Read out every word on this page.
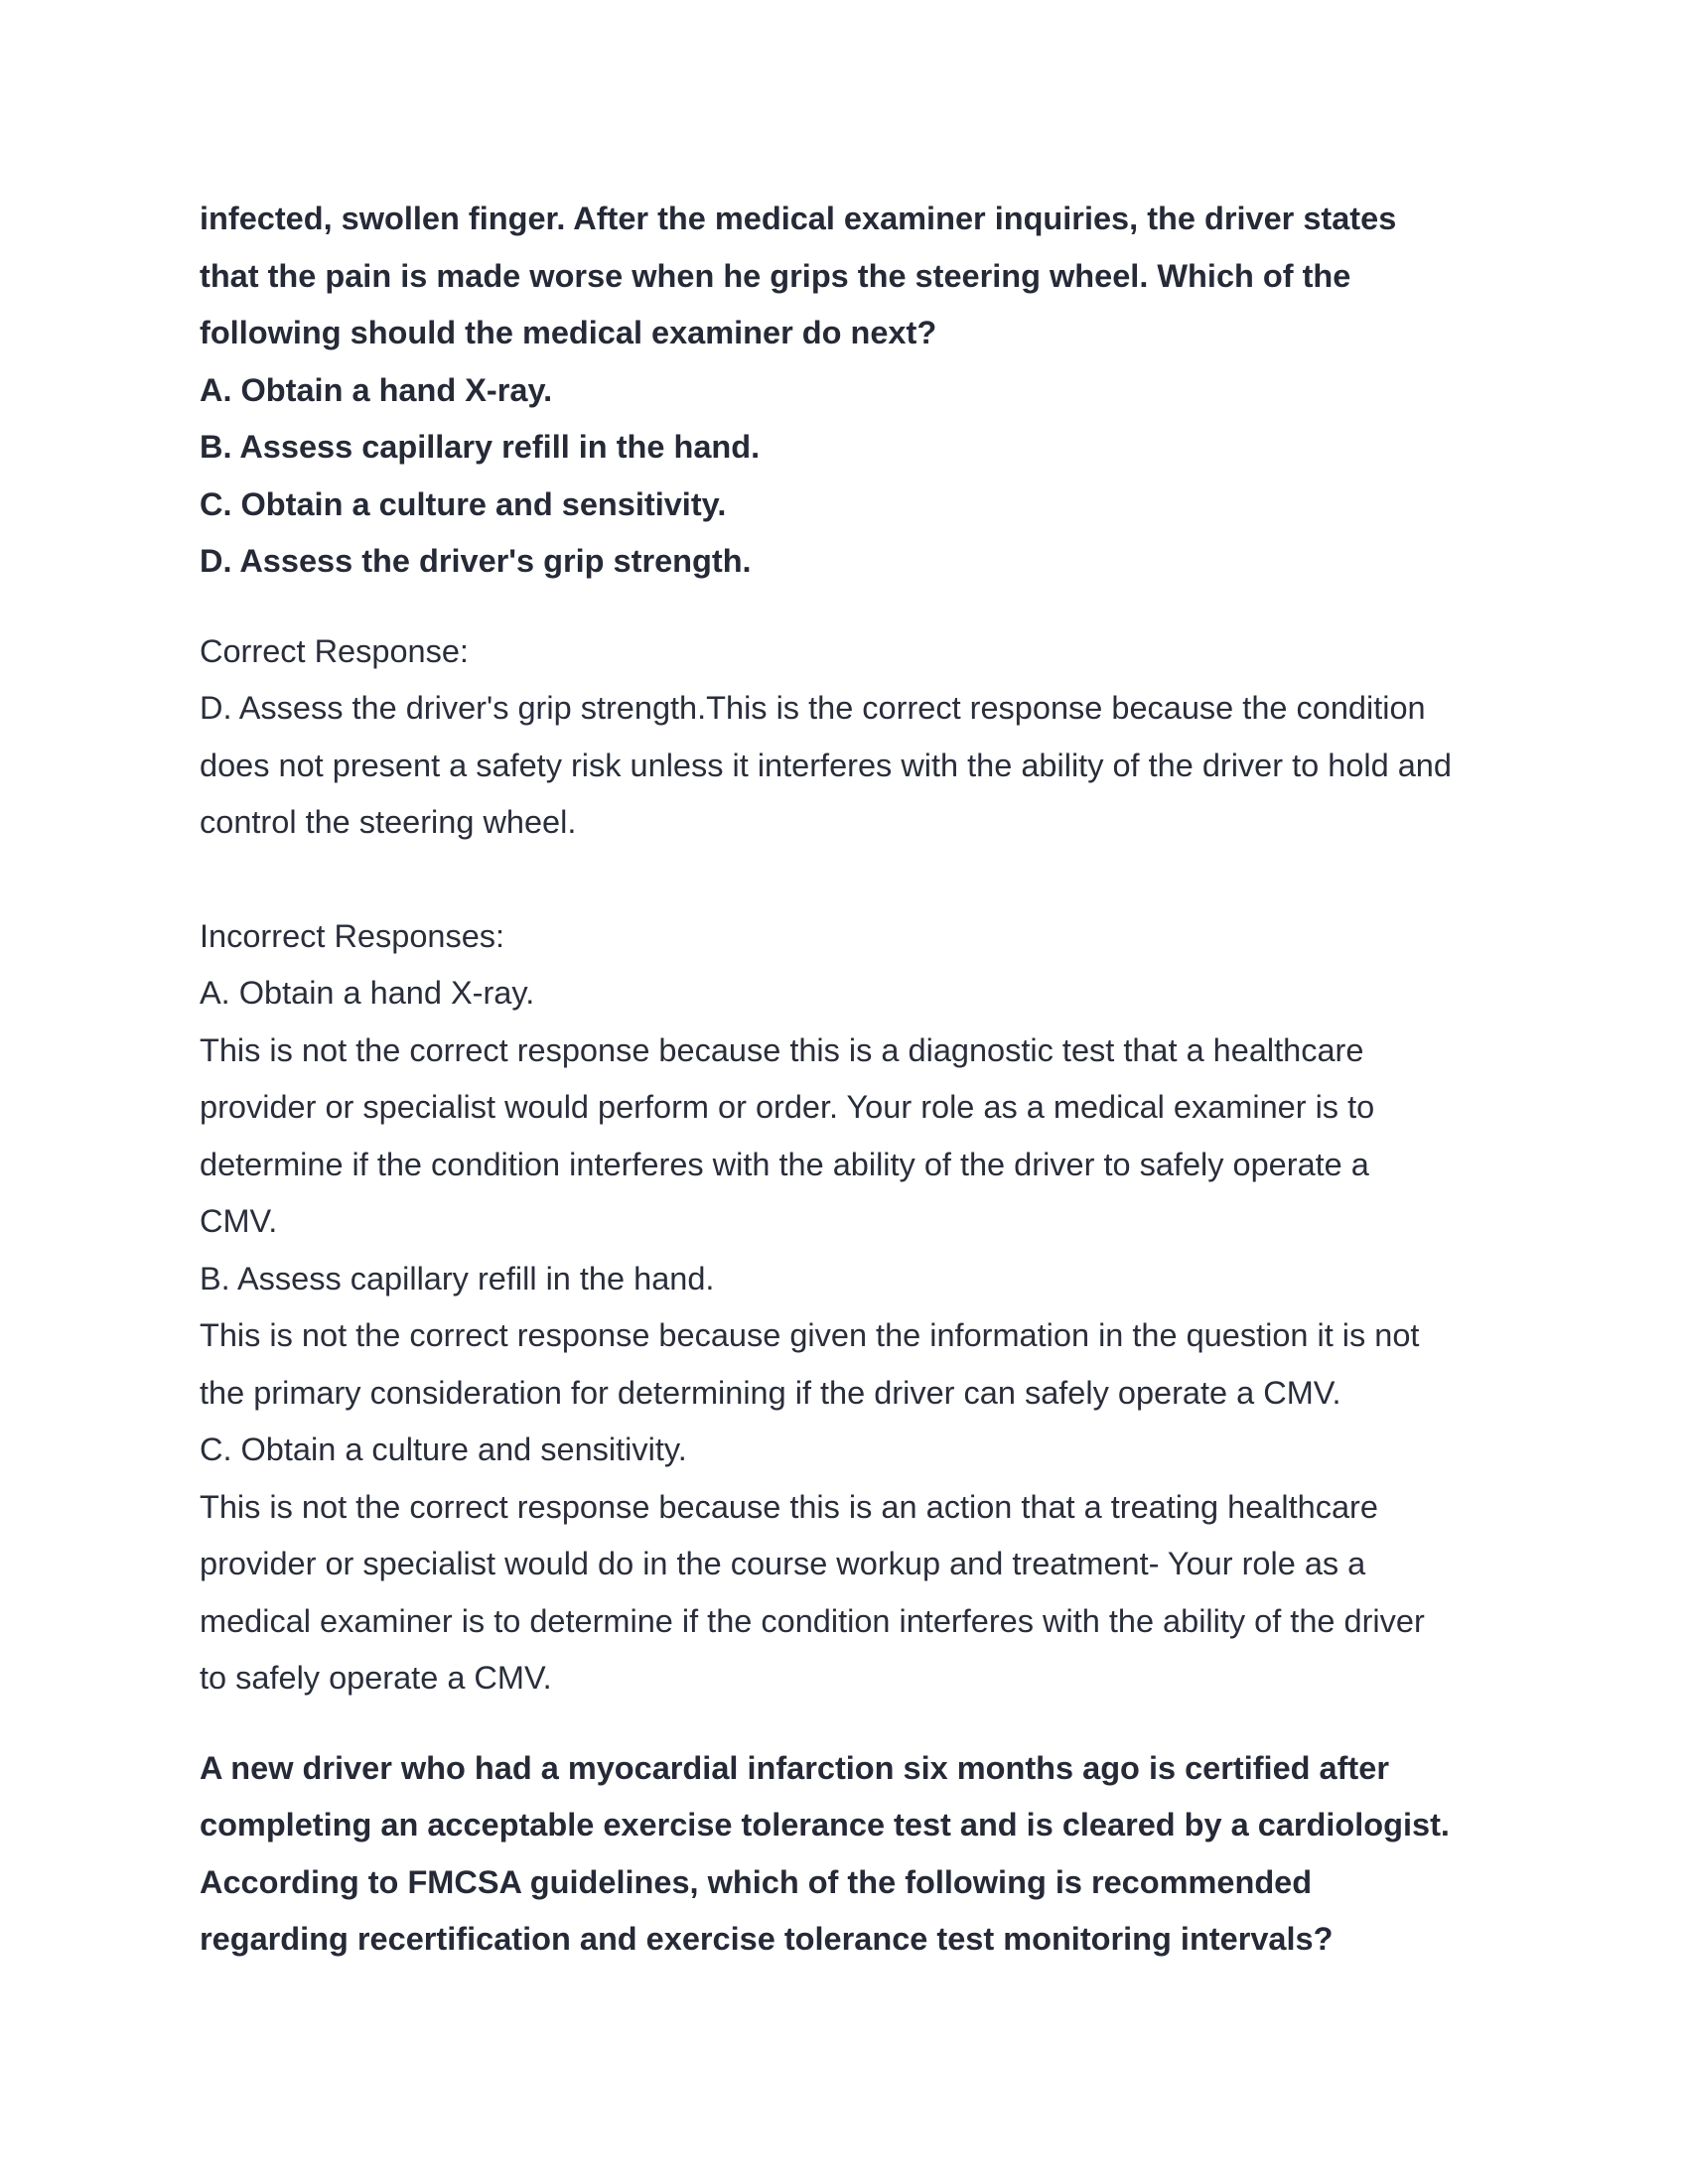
infected, swollen finger. After the medical examiner inquiries, the driver states
that the pain is made worse when he grips the steering wheel. Which of the
following should the medical examiner do next?
A. Obtain a hand X-ray.
B. Assess capillary refill in the hand.
C. Obtain a culture and sensitivity.
D. Assess the driver's grip strength.
Correct Response:
D. Assess the driver's grip strength.This is the correct response because the condition
does not present a safety risk unless it interferes with the ability of the driver to hold and
control the steering wheel.
Incorrect Responses:
A. Obtain a hand X-ray.
This is not the correct response because this is a diagnostic test that a healthcare
provider or specialist would perform or order. Your role as a medical examiner is to
determine if the condition interferes with the ability of the driver to safely operate a
CMV.
B. Assess capillary refill in the hand.
This is not the correct response because given the information in the question it is not
the primary consideration for determining if the driver can safely operate a CMV.
C. Obtain a culture and sensitivity.
This is not the correct response because this is an action that a treating healthcare
provider or specialist would do in the course workup and treatment- Your role as a
medical examiner is to determine if the condition interferes with the ability of the driver
to safely operate a CMV.
A new driver who had a myocardial infarction six months ago is certified after
completing an acceptable exercise tolerance test and is cleared by a cardiologist.
According to FMCSA guidelines, which of the following is recommended
regarding recertification and exercise tolerance test monitoring intervals?
